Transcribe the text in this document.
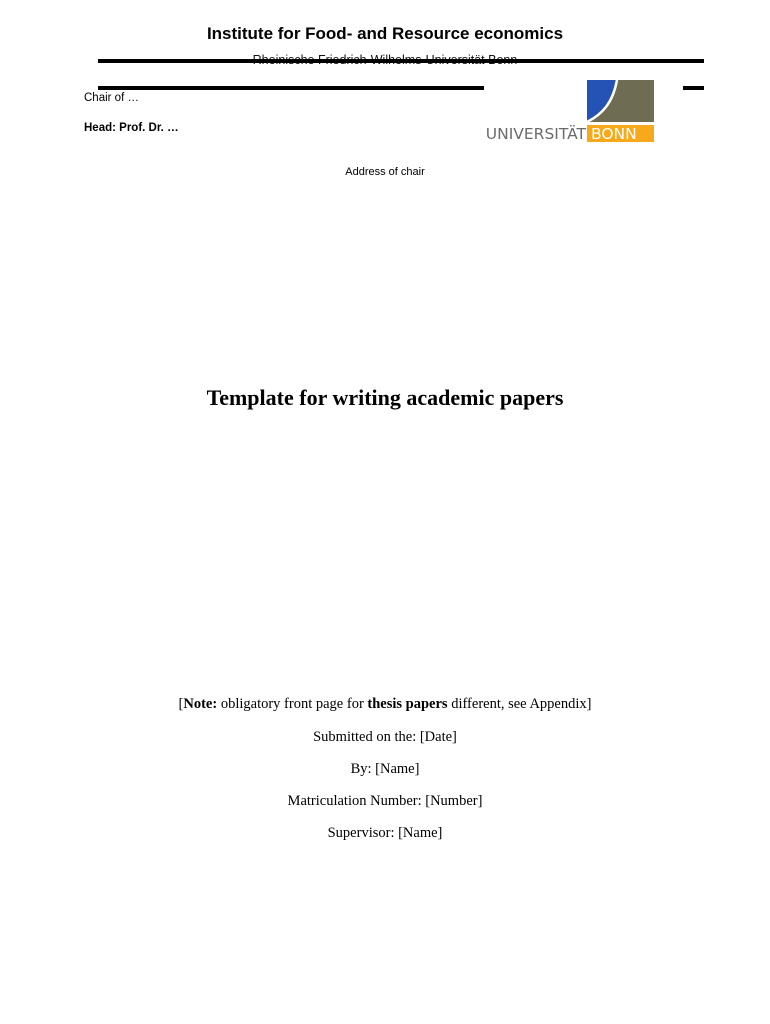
Institute for Food- and Resource economics
Chair of …
Head: Prof. Dr. …	UNIVERSITÄT BONN
Address of chair
Template for writing academic papers
[Note: obligatory front page for thesis papers different, see Appendix]
Submitted on the: [Date]
By: [Name]
Matriculation Number: [Number]
Supervisor: [Name]
